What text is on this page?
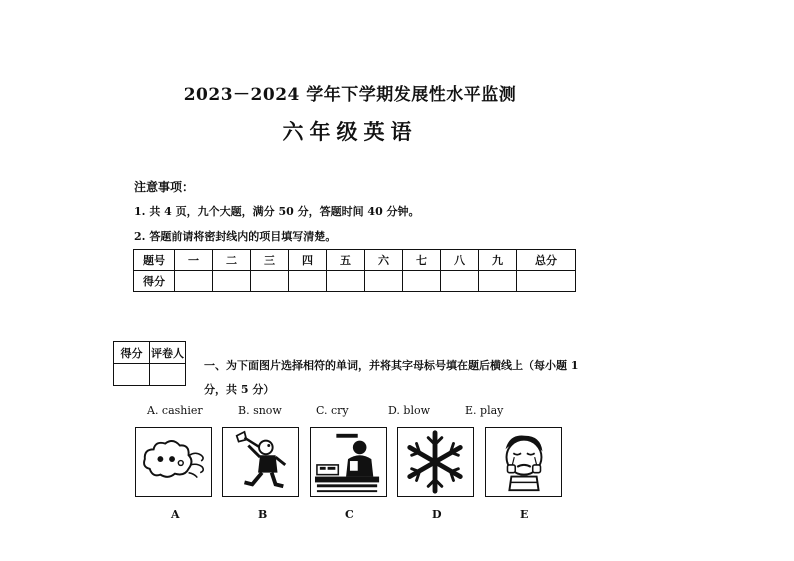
2023－2024 学年下学期发展性水平监测
六年级英语
注意事项：
1. 共 4 页，九个大题，满分 50 分，答题时间 40 分钟。
2. 答题前请将密封线内的项目填写清楚。
题号	一	二	三	四	五	六	七	八	九	总分
得分										
得分	评卷人

一、为下面图片选择相符的单词，并将其字母标号填在题后横线上（每小题 1 分，共 5 分）
A. cashier	B. snow	C. cry	D. blow	E. play
A	B	C	D	E
